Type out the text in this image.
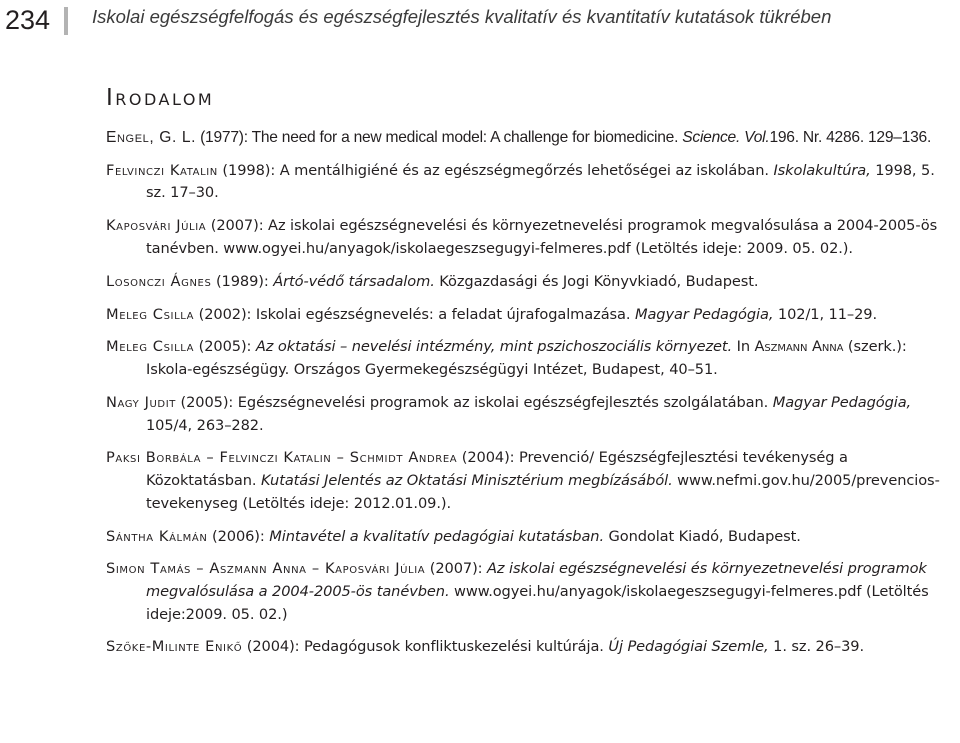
234 Iskolai egészségfelfogás és egészségfejlesztés kvalitatív és kvantitatív kutatások tükrében
Irodalom
Engel, G. L. (1977): The need for a new medical model: A challenge for biomedicine. Science. Vol.196. Nr. 4286. 129–136.
Felvinczi Katalin (1998): A mentálhigiéné és az egészségmegőrzés lehetőségei az iskolában. Iskolakultúra, 1998, 5. sz. 17–30.
Kaposvári Júlia (2007): Az iskolai egészségnevelési és környezetnevelési programok megvalósulása a 2004-2005-ös tanévben. www.ogyei.hu/anyagok/iskolaegeszsegugyi-felmeres.pdf (Letöltés ideje: 2009. 05. 02.).
Losonczi Ágnes (1989): Ártó-védő társadalom. Közgazdasági és Jogi Könyvkiadó, Budapest.
Meleg Csilla (2002): Iskolai egészségnevelés: a feladat újrafogalmazása. Magyar Pedagógia, 102/1, 11–29.
Meleg Csilla (2005): Az oktatási – nevelési intézmény, mint pszichoszociális környezet. In Aszmann Anna (szerk.): Iskola-egészségügy. Országos Gyermekegészségügyi Intézet, Budapest, 40–51.
Nagy Judit (2005): Egészségnevelési programok az iskolai egészségfejlesztés szolgálatában. Magyar Pedagógia, 105/4, 263–282.
Paksi Borbála – Felvinczi Katalin – Schmidt Andrea (2004): Prevenció/ Egészségfejlesztési tevékenység a Közoktatásban. Kutatási Jelentés az Oktatási Minisztérium megbízásából. www.nefmi.gov.hu/2005/prevencios-tevekenyseg (Letöltés ideje: 2012.01.09.).
Sántha Kálmán (2006): Mintavétel a kvalitatív pedagógiai kutatásban. Gondolat Kiadó, Budapest.
Simon Tamás – Aszmann Anna – Kaposvári Júlia (2007): Az iskolai egészségnevelési és környezetnevelési programok megvalósulása a 2004-2005-ös tanévben. www.ogyei.hu/anyagok/iskolaegeszsegugyi-felmeres.pdf (Letöltés ideje:2009. 05. 02.)
Szőke-Milinte Enikő (2004): Pedagógusok konfliktuskezelési kultúrája. Új Pedagógiai Szemle, 1. sz. 26–39.
